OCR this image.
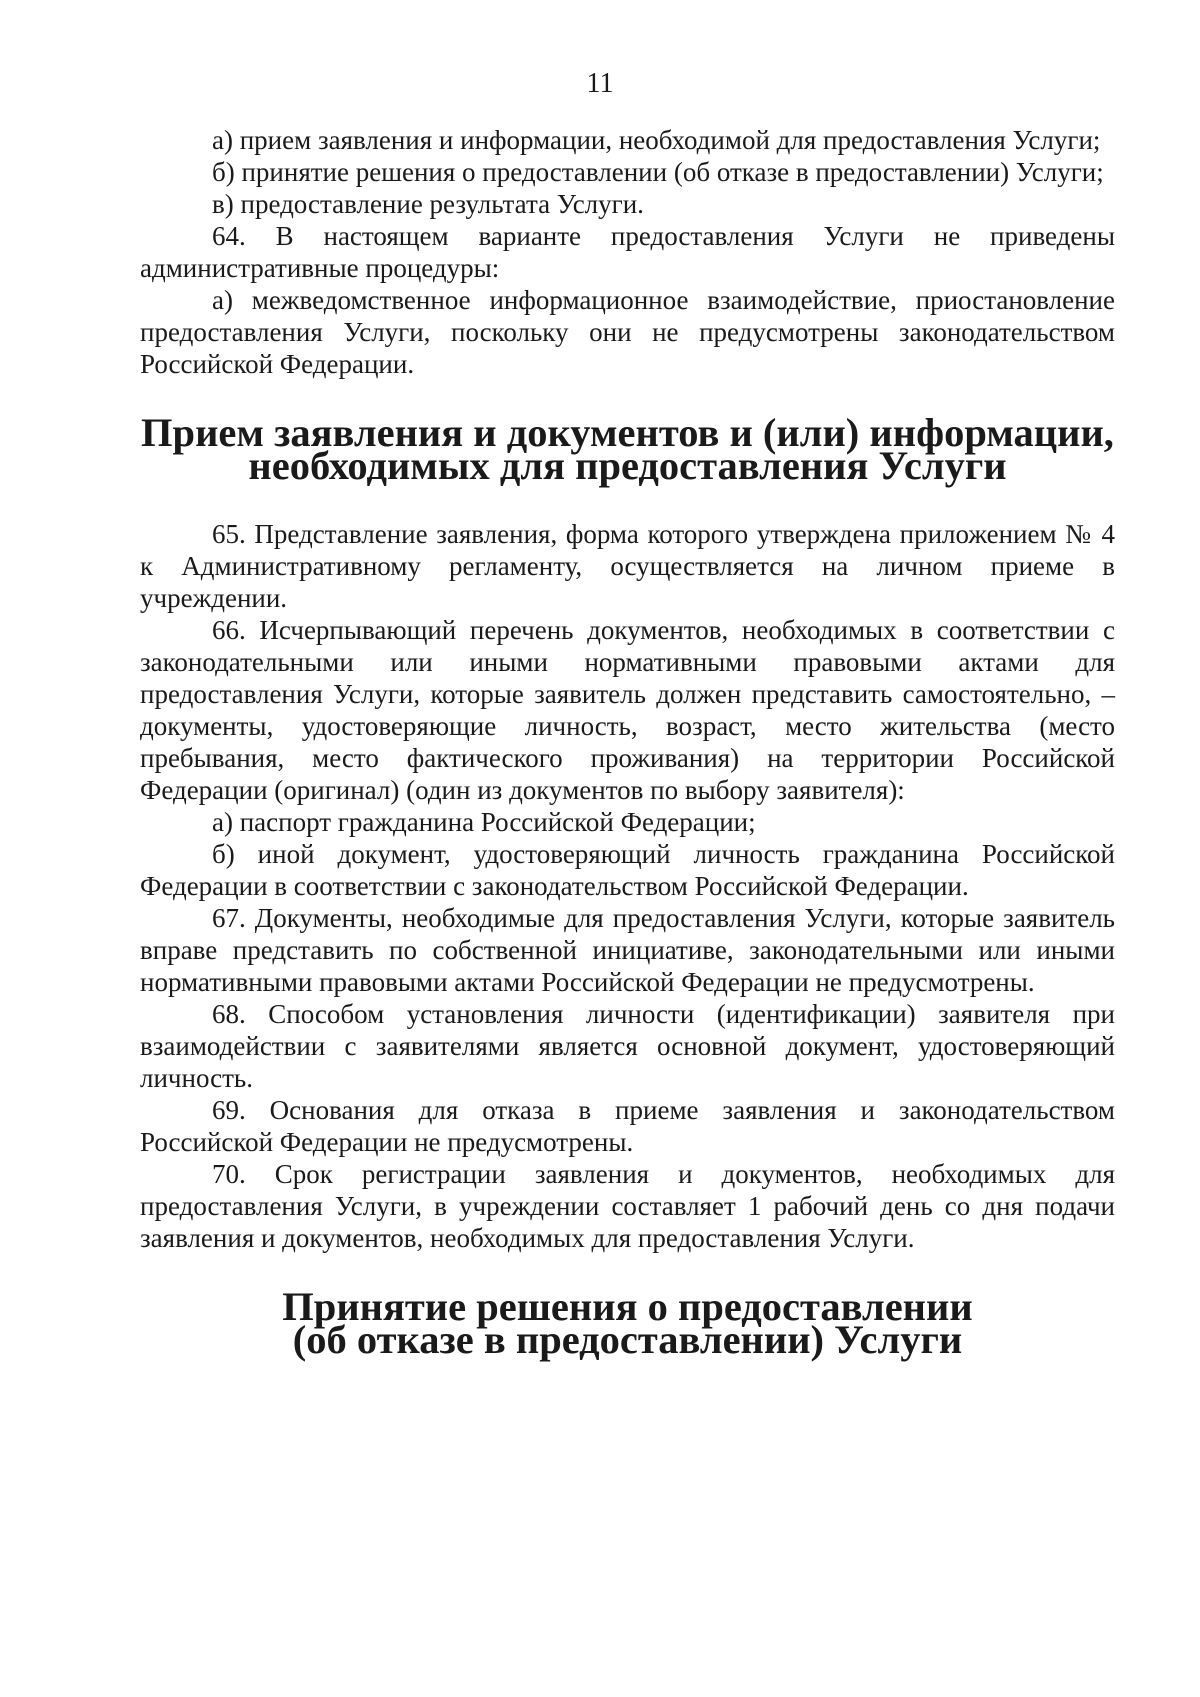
11

а) прием заявления и информации, необходимой для предоставления Услуги;

б) принятие решения о предоставлении (об отказе в предоставлении) Услуги;

в) предоставление результата Услуги.

64. В настоящем варианте предоставления Услуги не приведены административные процедуры:

а) межведомственное информационное взаимодействие, приостановление предоставления Услуги, поскольку они не предусмотрены законодательством Российской Федерации.

Прием заявления и документов и (или) информации,
необходимых для предоставления Услуги

65. Представление заявления, форма которого утверждена приложением № 4 к Административному регламенту, осуществляется на личном приеме в учреждении.

66. Исчерпывающий перечень документов, необходимых в соответствии с законодательными или иными нормативными правовыми актами для предоставления Услуги, которые заявитель должен представить самостоятельно, – документы, удостоверяющие личность, возраст, место жительства (место пребывания, место фактического проживания) на территории Российской Федерации (оригинал) (один из документов по выбору заявителя):

а) паспорт гражданина Российской Федерации;

б) иной документ, удостоверяющий личность гражданина Российской Федерации в соответствии с законодательством Российской Федерации.

67. Документы, необходимые для предоставления Услуги, которые заявитель вправе представить по собственной инициативе, законодательными или иными нормативными правовыми актами Российской Федерации не предусмотрены.

68. Способом установления личности (идентификации) заявителя при взаимодействии с заявителями является основной документ, удостоверяющий личность.

69. Основания для отказа в приеме заявления и законодательством Российской Федерации не предусмотрены.

70. Срок регистрации заявления и документов, необходимых для предоставления Услуги, в учреждении составляет 1 рабочий день со дня подачи заявления и документов, необходимых для предоставления Услуги.

Принятие решения о предоставлении
(об отказе в предоставлении) Услуги
